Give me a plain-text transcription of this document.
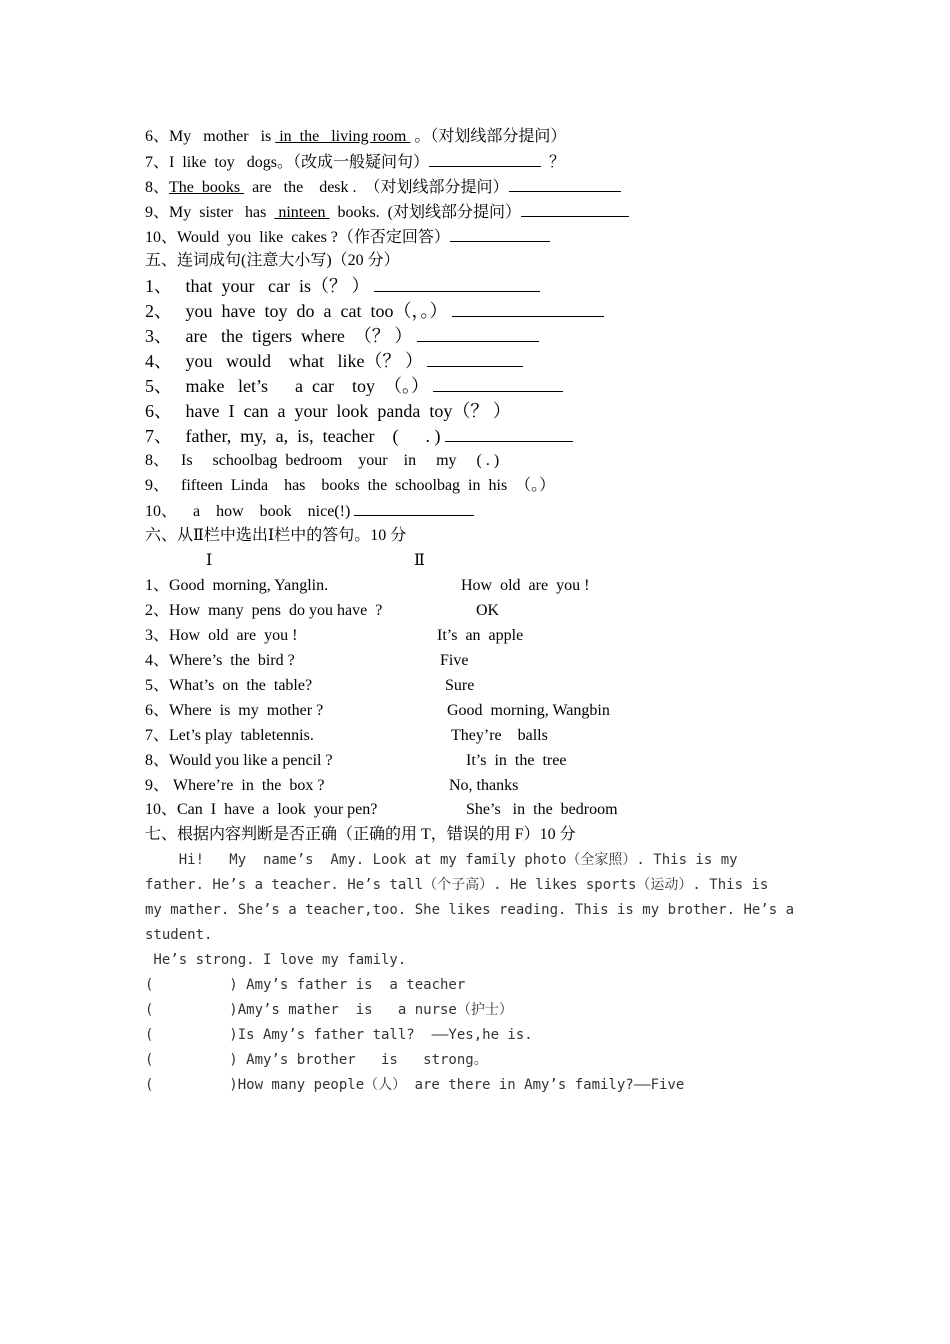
6、My   mother   is  in  the   living room  。（对划线部分提问）
7、I  like  toy   dogs。（改成一般疑问句）	？
8、The  books   are   the    desk .  （对划线部分提问）
9、My  sister   has   ninteen   books.  (对划线部分提问）
10、Would  you  like  cakes ?（作否定回答）
五、连词成句(注意大小写)（20 分）
1、   that  your   car  is（？ ）
2、   you  have  toy  do  a  cat  too（，。）
3、   are   the  tigers  where  （？ ）
4、   you   would    what   like（？ ）
5、   make   let’s      a  car    toy  （。）
6、   have  I  can  a  your  look  panda  toy（？ ）
7、   father,  my,  a,  is,  teacher    (      . )
8、   Is     schoolbag  bedroom    your    in     my     ( . )
9、   fifteen  Linda    has    books  the  schoolbag  in  his  （。）
10、    a    how    book    nice(!)
六、从Ⅱ栏中选出Ⅰ栏中的答句。10 分
Ⅰ	Ⅱ
1、Good  morning, Yanglin.
2、How  many  pens  do you have  ?
3、How  old  are  you !
4、Where’s  the  bird ?
5、What’s  on  the  table?
6、Where  is  my  mother ?
7、Let’s play  tabletennis.
8、Would you like a pencil ?
9、 Where’re  in  the  box ?
10、Can  I  have  a  look  your pen?
How  old  are  you !
OK
It’s  an  apple
Five
Sure
Good  morning, Wangbin
They’re    balls
It’s  in  the  tree
No, thanks
She’s   in  the  bedroom
七、根据内容判断是否正确（正确的用 T，错误的用 F）10 分
Hi!   My  name’s  Amy. Look at my family photo（全家照）. This is my
father. He’s a teacher. He’s tall（个子高）. He likes sports（运动）. This is
my mather. She’s a teacher,too. She likes reading. This is my brother. He’s a
student.
He’s strong. I love my family.
(         ) Amy’s father is  a teacher
(         )Amy’s mather  is   a nurse（护士）
(         )Is Amy’s father tall?  ——Yes,he is.
(         ) Amy’s brother   is   strong。
(         )How many people（人） are there in Amy’s family?——Five
